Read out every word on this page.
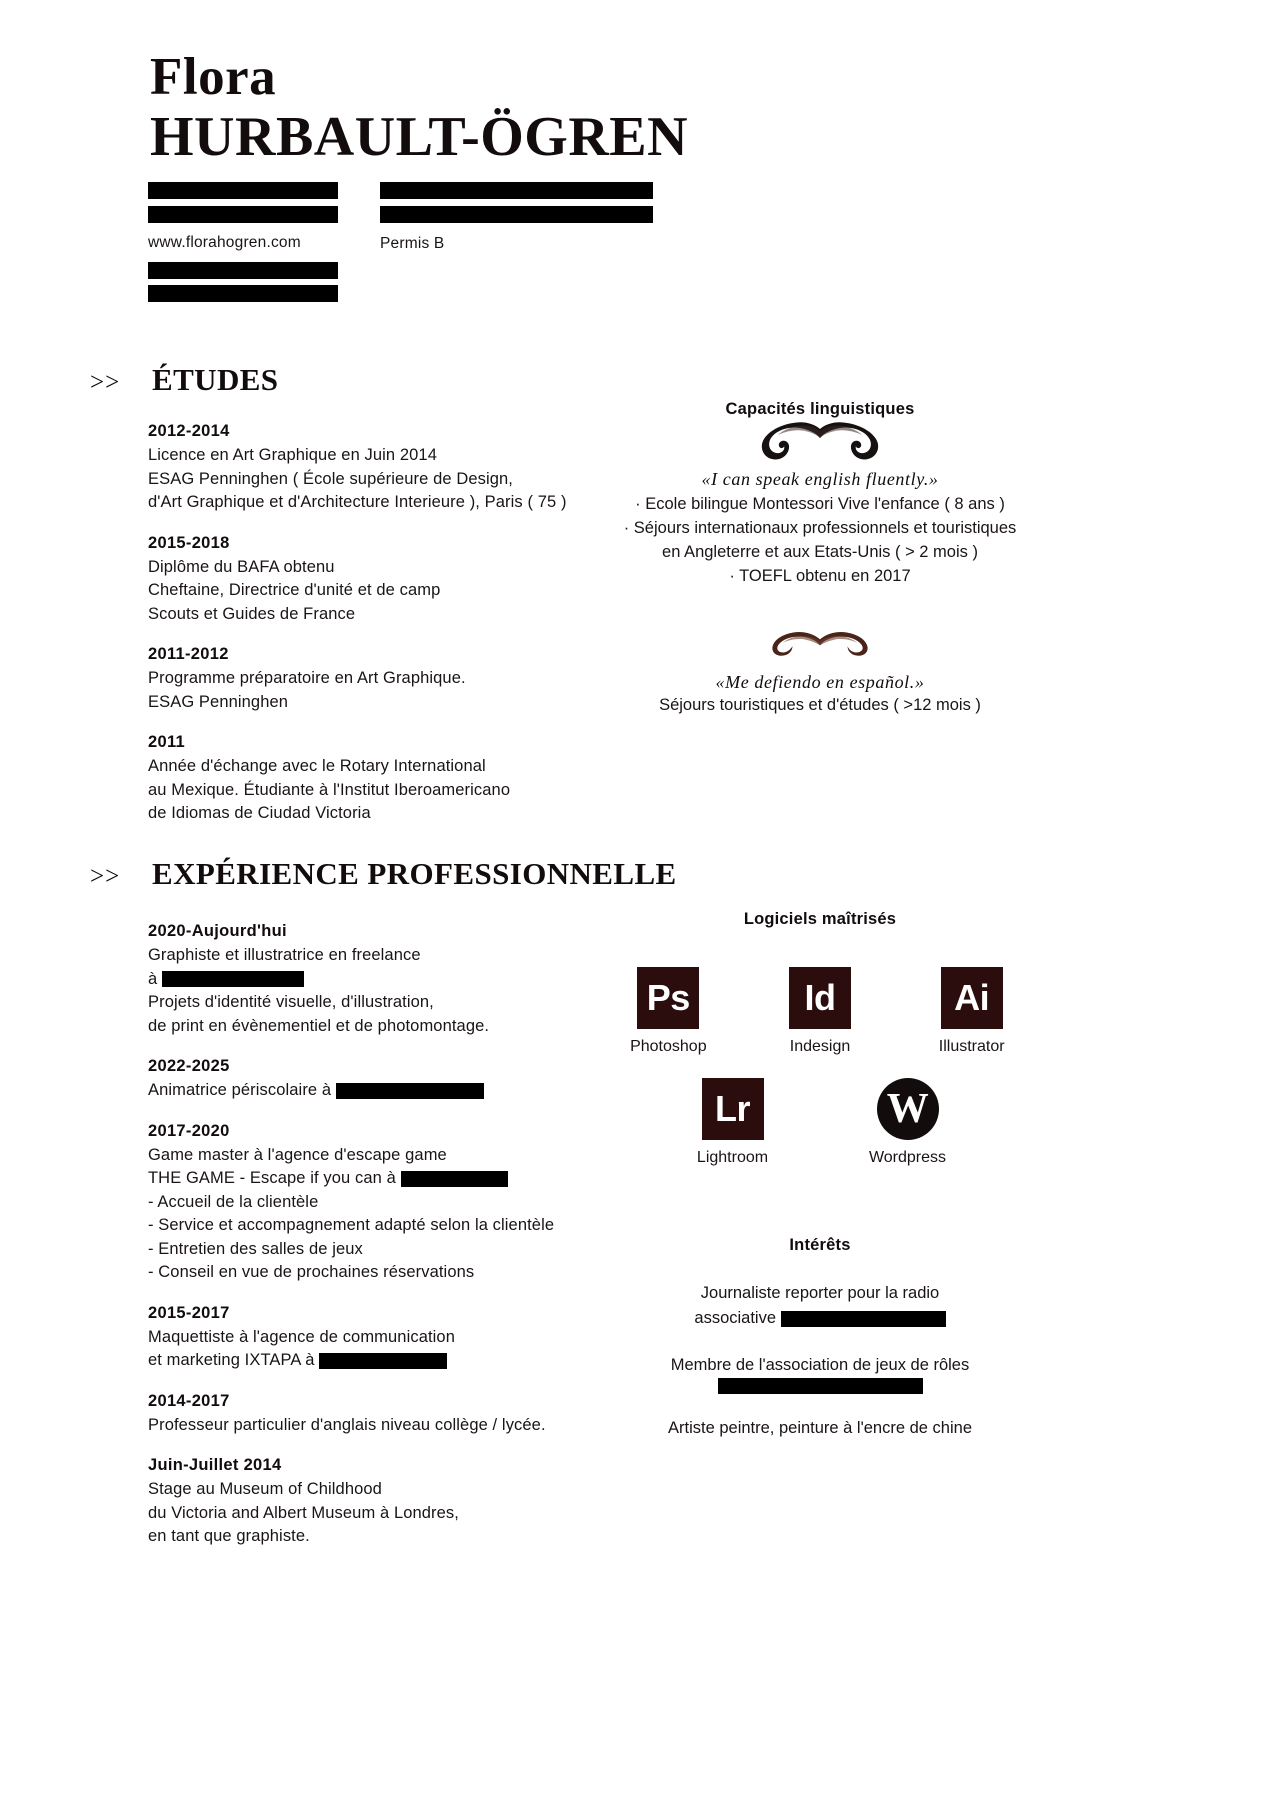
Flora
HURBAULT-ÖGREN
www.florahogren.com	Permis B
>>	ÉTUDES
2012-2014
Licence en Art Graphique en Juin 2014
ESAG Penninghen ( École supérieure de Design,
d'Art Graphique et d'Architecture Interieure ), Paris ( 75 )
2015-2018
Diplôme du BAFA obtenu
Cheftaine, Directrice d'unité et de camp
Scouts et Guides de France
2011-2012
Programme préparatoire en Art Graphique.
ESAG Penninghen
2011
Année d'échange avec le Rotary International
au Mexique. Étudiante à l'Institut Iberoamericano
de Idiomas de Ciudad Victoria
Capacités linguistiques
«I can speak english fluently.»
· Ecole bilingue Montessori Vive l'enfance ( 8 ans )
· Séjours internationaux professionnels et touristiques
en Angleterre et aux Etats-Unis ( > 2 mois )
· TOEFL obtenu en 2017
«Me defiendo en español.»
Séjours touristiques et d'études ( >12 mois )
>>	EXPÉRIENCE PROFESSIONNELLE
2020-Aujourd'hui
Graphiste et illustratrice en freelance
à
Projets d'identité visuelle, d'illustration,
de print en évènementiel et de photomontage.
2022-2025
Animatrice périscolaire à
2017-2020
Game master à l'agence d'escape game
THE GAME - Escape if you can à
- Accueil de la clientèle
- Service et accompagnement adapté selon la clientèle
- Entretien des salles de jeux
- Conseil en vue de prochaines réservations
2015-2017
Maquettiste à l'agence de communication
et marketing IXTAPA à
2014-2017
Professeur particulier d'anglais niveau collège / lycée.
Juin-Juillet 2014
Stage au Museum of Childhood
du Victoria and Albert Museum à Londres,
en tant que graphiste.
Logiciels maîtrisés
Ps
Photoshop
Id
Indesign
Ai
Illustrator
Lr
Lightroom
W
Wordpress
Intérêts
Journaliste reporter pour la radio
associative
Membre de l'association de jeux de rôles
Artiste peintre, peinture à l'encre de chine
